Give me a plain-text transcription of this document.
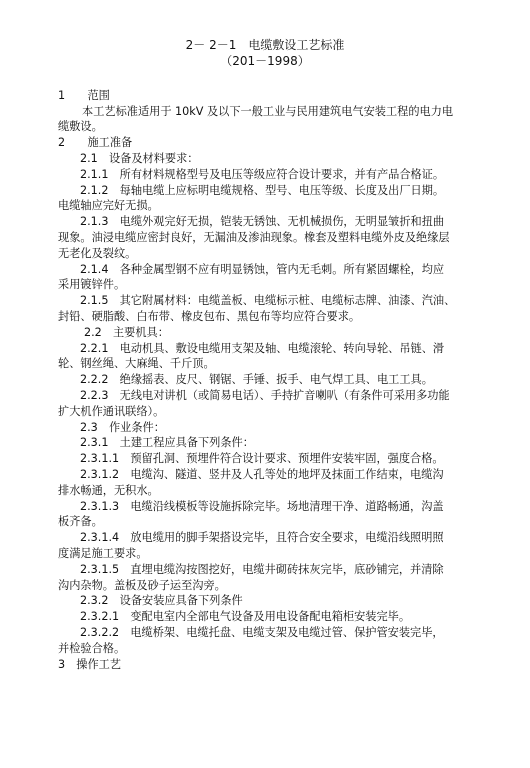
2－ 2－1　电缆敷设工艺标准
（201－1998）
1　　范围
本工艺标准适用于 10kV 及以下一般工业与民用建筑电气安装工程的电力电
缆敷设。
2　　施工准备
2.1　设备及材料要求：
2.1.1　所有材料规格型号及电压等级应符合设计要求，并有产品合格证。
2.1.2　每轴电缆上应标明电缆规格、型号、电压等级、长度及出厂日期。
电缆轴应完好无损。
2.1.3　电缆外观完好无损，铠装无锈蚀、无机械损伤，无明显皱折和扭曲
现象。油浸电缆应密封良好，无漏油及渗油现象。橡套及塑料电缆外皮及绝缘层
无老化及裂纹。
2.1.4　各种金属型钢不应有明显锈蚀，管内无毛刺。所有紧固螺栓，均应
采用镀锌件。
2.1.5　其它附属材料：电缆盖板、电缆标示桩、电缆标志牌、油漆、汽油、
封铅、硬脂酸、白布带、橡皮包布、黑包布等均应符合要求。
2.2　主要机具：
2.2.1　电动机具、敷设电缆用支架及轴、电缆滚轮、转向导轮、吊链、滑
轮、钢丝绳、大麻绳、千斤顶。
2.2.2　绝缘摇表、皮尺、钢锯、手锤、扳手、电气焊工具、电工工具。
2.2.3　无线电对讲机（或简易电话）、手持扩音喇叭（有条件可采用多功能
扩大机作通讯联络）。
2.3　作业条件：
2.3.1　土建工程应具备下列条件：
2.3.1.1　预留孔洞、预埋件符合设计要求、预埋件安装牢固，强度合格。
2.3.1.2　电缆沟、隧道、竖井及人孔等处的地坪及抹面工作结束，电缆沟
排水畅通，无积水。
2.3.1.3　电缆沿线模板等设施拆除完毕。场地清理干净、道路畅通，沟盖
板齐备。
2.3.1.4　放电缆用的脚手架搭设完毕，且符合安全要求，电缆沿线照明照
度满足施工要求。
2.3.1.5　直埋电缆沟按图挖好，电缆井砌砖抹灰完毕，底砂铺完，并清除
沟内杂物。盖板及砂子运至沟旁。
2.3.2　设备安装应具备下列条件
2.3.2.1　变配电室内全部电气设备及用电设备配电箱柜安装完毕。
2.3.2.2　电缆桥架、电缆托盘、电缆支架及电缆过管、保护管安装完毕，
并检验合格。
3　操作工艺
